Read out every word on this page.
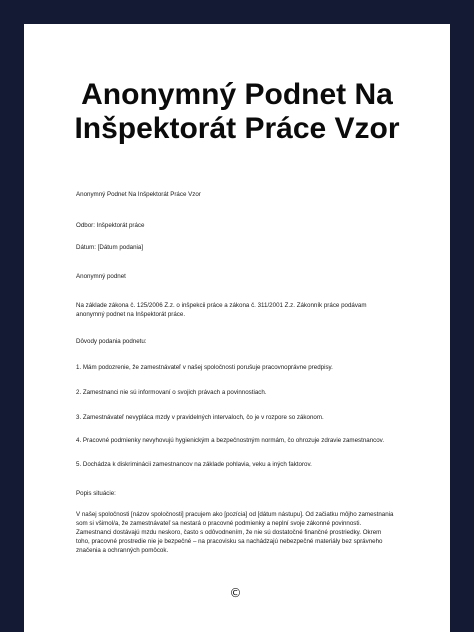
Anonymný Podnet Na
Inšpektorát Práce Vzor

Anonymný Podnet Na Inšpektorát Práce Vzor

Odbor: Inšpektorát práce

Dátum: [Dátum podania]

Anonymný podnet

Na základe zákona č. 125/2006 Z.z. o inšpekcii práce a zákona č. 311/2001 Z.z. Zákonník práce podávam anonymný podnet na Inšpektorát práce.

Dôvody podania podnetu:

1. Mám podozrenie, že zamestnávateľ v našej spoločnosti porušuje pracovnoprávne predpisy.

2. Zamestnanci nie sú informovaní o svojich právach a povinnostiach.

3. Zamestnávateľ nevypláca mzdy v pravidelných intervaloch, čo je v rozpore so zákonom.

4. Pracovné podmienky nevyhovujú hygienickým a bezpečnostným normám, čo ohrozuje zdravie zamestnancov.

5. Dochádza k diskriminácii zamestnancov na základe pohlavia, veku a iných faktorov.

Popis situácie:

V našej spoločnosti [názov spoločnosti] pracujem ako [pozícia] od [dátum nástupu]. Od začiatku môjho zamestnania som si všimol/a, že zamestnávateľ sa nestará o pracovné podmienky a neplní svoje zákonné povinnosti. Zamestnanci dostávajú mzdu neskoro, často s odôvodnením, že nie sú dostatočné finančné prostriedky. Okrem toho, pracovné prostredie nie je bezpečné – na pracovisku sa nachádzajú nebezpečné materiály bez správneho značenia a ochranných pomôcok.

©
